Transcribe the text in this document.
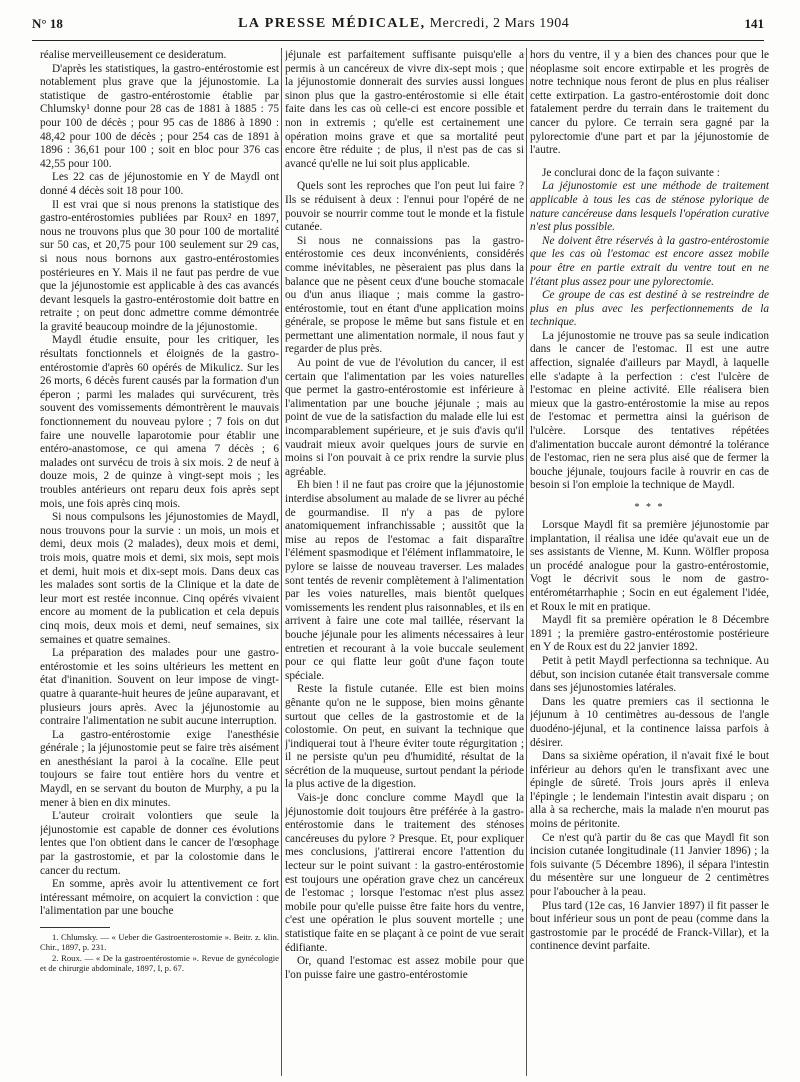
N° 18	LA PRESSE MÉDICALE, Mercredi, 2 Mars 1904	141

réalise merveilleusement ce desideratum.

D'après les statistiques, la gastro-entérostomie est notablement plus grave que la jéjunostomie. La statistique de gastro-entérostomie établie par Chlumsky¹ donne pour 28 cas de 1881 à 1885 : 75 pour 100 de décès ; pour 95 cas de 1886 à 1890 : 48,42 pour 100 de décès ; pour 254 cas de 1891 à 1896 : 36,61 pour 100 ; soit en bloc pour 376 cas 42,55 pour 100.

Les 22 cas de jéjunostomie en Y de Maydl ont donné 4 décès soit 18 pour 100.

Il est vrai que si nous prenons la statistique des gastro-entérostomies publiées par Roux² en 1897, nous ne trouvons plus que 30 pour 100 de mortalité sur 50 cas, et 20,75 pour 100 seulement sur 29 cas, si nous nous bornons aux gastro-entérostomies postérieures en Y. Mais il ne faut pas perdre de vue que la jéjunostomie est applicable à des cas avancés devant lesquels la gastro-entérostomie doit battre en retraite ; on peut donc admettre comme démontrée la gravité beaucoup moindre de la jéjunostomie.

Maydl étudie ensuite, pour les critiquer, les résultats fonctionnels et éloignés de la gastro-entérostomie d'après 60 opérés de Mikulicz. Sur les 26 morts, 6 décès furent causés par la formation d'un éperon ; parmi les malades qui survécurent, très souvent des vomissements démontrèrent le mauvais fonctionnement du nouveau pylore ; 7 fois on dut faire une nouvelle laparotomie pour établir une entéro-anastomose, ce qui amena 7 décès ; 6 malades ont survécu de trois à six mois. 2 de neuf à douze mois, 2 de quinze à vingt-sept mois ; les troubles antérieurs ont reparu deux fois après sept mois, une fois après cinq mois.

Si nous compulsons les jéjunostomies de Maydl, nous trouvons pour la survie : un mois, un mois et demi, deux mois (2 malades), deux mois et demi, trois mois, quatre mois et demi, six mois, sept mois et demi, huit mois et dix-sept mois. Dans deux cas les malades sont sortis de la Clinique et la date de leur mort est restée inconnue. Cinq opérés vivaient encore au moment de la publication et cela depuis cinq mois, deux mois et demi, neuf semaines, six semaines et quatre semaines.

La préparation des malades pour une gastro-entérostomie et les soins ultérieurs les mettent en état d'inanition. Souvent on leur impose de vingt-quatre à quarante-huit heures de jeûne auparavant, et plusieurs jours après. Avec la jéjunostomie au contraire l'alimentation ne subit aucune interruption.

La gastro-entérostomie exige l'anesthésie générale ; la jéjunostomie peut se faire très aisément en anesthésiant la paroi à la cocaïne. Elle peut toujours se faire tout entière hors du ventre et Maydl, en se servant du bouton de Murphy, a pu la mener à bien en dix minutes.

L'auteur croirait volontiers que seule la jéjunostomie est capable de donner ces évolutions lentes que l'on obtient dans le cancer de l'œsophage par la gastrostomie, et par la colostomie dans le cancer du rectum.

En somme, après avoir lu attentivement ce fort intéressant mémoire, on acquiert la conviction : que l'alimentation par une bouche

1. Chlumsky. — « Ueber die Gastroenterostomie ». Beitr. z. klin. Chir., 1897, p. 231.

2. Roux. — « De la gastroentérostomie ». Revue de gynécologie et de chirurgie abdominale, 1897, I, p. 67.

jéjunale est parfaitement suffisante puisqu'elle a permis à un cancéreux de vivre dix-sept mois ; que la jéjunostomie donnerait des survies aussi longues sinon plus que la gastro-entérostomie si elle était faite dans les cas où celle-ci est encore possible et non in extremis ; qu'elle est certainement une opération moins grave et que sa mortalité peut encore être réduite ; de plus, il n'est pas de cas si avancé qu'elle ne lui soit plus applicable.

Quels sont les reproches que l'on peut lui faire ? Ils se réduisent à deux : l'ennui pour l'opéré de ne pouvoir se nourrir comme tout le monde et la fistule cutanée.

Si nous ne connaissions pas la gastro-entérostomie ces deux inconvénients, considérés comme inévitables, ne pèseraient pas plus dans la balance que ne pèsent ceux d'une bouche stomacale ou d'un anus iliaque ; mais comme la gastro-entérostomie, tout en étant d'une application moins générale, se propose le même but sans fistule et en permettant une alimentation normale, il nous faut y regarder de plus près.

Au point de vue de l'évolution du cancer, il est certain que l'alimentation par les voies naturelles que permet la gastro-entérostomie est inférieure à l'alimentation par une bouche jéjunale ; mais au point de vue de la satisfaction du malade elle lui est incomparablement supérieure, et je suis d'avis qu'il vaudrait mieux avoir quelques jours de survie en moins si l'on pouvait à ce prix rendre la survie plus agréable.

Eh bien ! il ne faut pas croire que la jéjunostomie interdise absolument au malade de se livrer au péché de gourmandise. Il n'y a pas de pylore anatomiquement infranchissable ; aussitôt que la mise au repos de l'estomac a fait disparaître l'élément spasmodique et l'élément inflammatoire, le pylore se laisse de nouveau traverser. Les malades sont tentés de revenir complètement à l'alimentation par les voies naturelles, mais bientôt quelques vomissements les rendent plus raisonnables, et ils en arrivent à faire une cote mal taillée, réservant la bouche jéjunale pour les aliments nécessaires à leur entretien et recourant à la voie buccale seulement pour ce qui flatte leur goût d'une façon toute spéciale.

Reste la fistule cutanée. Elle est bien moins gênante qu'on ne le suppose, bien moins gênante surtout que celles de la gastrostomie et de la colostomie. On peut, en suivant la technique que j'indiquerai tout à l'heure éviter toute régurgitation ; il ne persiste qu'un peu d'humidité, résultat de la sécrétion de la muqueuse, surtout pendant la période la plus active de la digestion.

Vais-je donc conclure comme Maydl que la jéjunostomie doit toujours être préférée à la gastro-entérostomie dans le traitement des sténoses cancéreuses du pylore ? Presque. Et, pour expliquer mes conclusions, j'attirerai encore l'attention du lecteur sur le point suivant : la gastro-entérostomie est toujours une opération grave chez un cancéreux de l'estomac ; lorsque l'estomac n'est plus assez mobile pour qu'elle puisse être faite hors du ventre, c'est une opération le plus souvent mortelle ; une statistique faite en se plaçant à ce point de vue serait édifiante.

Or, quand l'estomac est assez mobile pour que l'on puisse faire une gastro-entérostomie

hors du ventre, il y a bien des chances pour que le néoplasme soit encore extirpable et les progrès de notre technique nous feront de plus en plus réaliser cette extirpation. La gastro-entérostomie doit donc fatalement perdre du terrain dans le traitement du cancer du pylore. Ce terrain sera gagné par la pylorectomie d'une part et par la jéjunostomie de l'autre.

Je conclurai donc de la façon suivante :

La jéjunostomie est une méthode de traitement applicable à tous les cas de sténose pylorique de nature cancéreuse dans lesquels l'opération curative n'est plus possible.

Ne doivent être réservés à la gastro-entérostomie que les cas où l'estomac est encore assez mobile pour être en partie extrait du ventre tout en ne l'étant plus assez pour une pylorectomie.

Ce groupe de cas est destiné à se restreindre de plus en plus avec les perfectionnements de la technique.

La jéjunostomie ne trouve pas sa seule indication dans le cancer de l'estomac. Il est une autre affection, signalée d'ailleurs par Maydl, à laquelle elle s'adapte à la perfection : c'est l'ulcère de l'estomac en pleine activité. Elle réalisera bien mieux que la gastro-entérostomie la mise au repos de l'estomac et permettra ainsi la guérison de l'ulcère. Lorsque des tentatives répétées d'alimentation buccale auront démontré la tolérance de l'estomac, rien ne sera plus aisé que de fermer la bouche jéjunale, toujours facile à rouvrir en cas de besoin si l'on emploie la technique de Maydl.

* * *

Lorsque Maydl fit sa première jéjunostomie par implantation, il réalisa une idée qu'avait eue un de ses assistants de Vienne, M. Kunn. Wölfler proposa un procédé analogue pour la gastro-entérostomie, Vogt le décrivit sous le nom de gastro-entérométarrhaphie ; Socin en eut également l'idée, et Roux le mit en pratique.

Maydl fit sa première opération le 8 Décembre 1891 ; la première gastro-entérostomie postérieure en Y de Roux est du 22 janvier 1892.

Petit à petit Maydl perfectionna sa technique. Au début, son incision cutanée était transversale comme dans ses jéjunostomies latérales.

Dans les quatre premiers cas il sectionna le jéjunum à 10 centimètres au-dessous de l'angle duodéno-jéjunal, et la continence laissa parfois à désirer.

Dans sa sixième opération, il n'avait fixé le bout inférieur au dehors qu'en le transfixant avec une épingle de sûreté. Trois jours après il enleva l'épingle ; le lendemain l'intestin avait disparu ; on alla à sa recherche, mais la malade n'en mourut pas moins de péritonite.

Ce n'est qu'à partir du 8e cas que Maydl fit son incision cutanée longitudinale (11 Janvier 1896) ; la fois suivante (5 Décembre 1896), il sépara l'intestin du mésentère sur une longueur de 2 centimètres pour l'aboucher à la peau.

Plus tard (12e cas, 16 Janvier 1897) il fit passer le bout inférieur sous un pont de peau (comme dans la gastrostomie par le procédé de Franck-Villar), et la continence devint parfaite.
